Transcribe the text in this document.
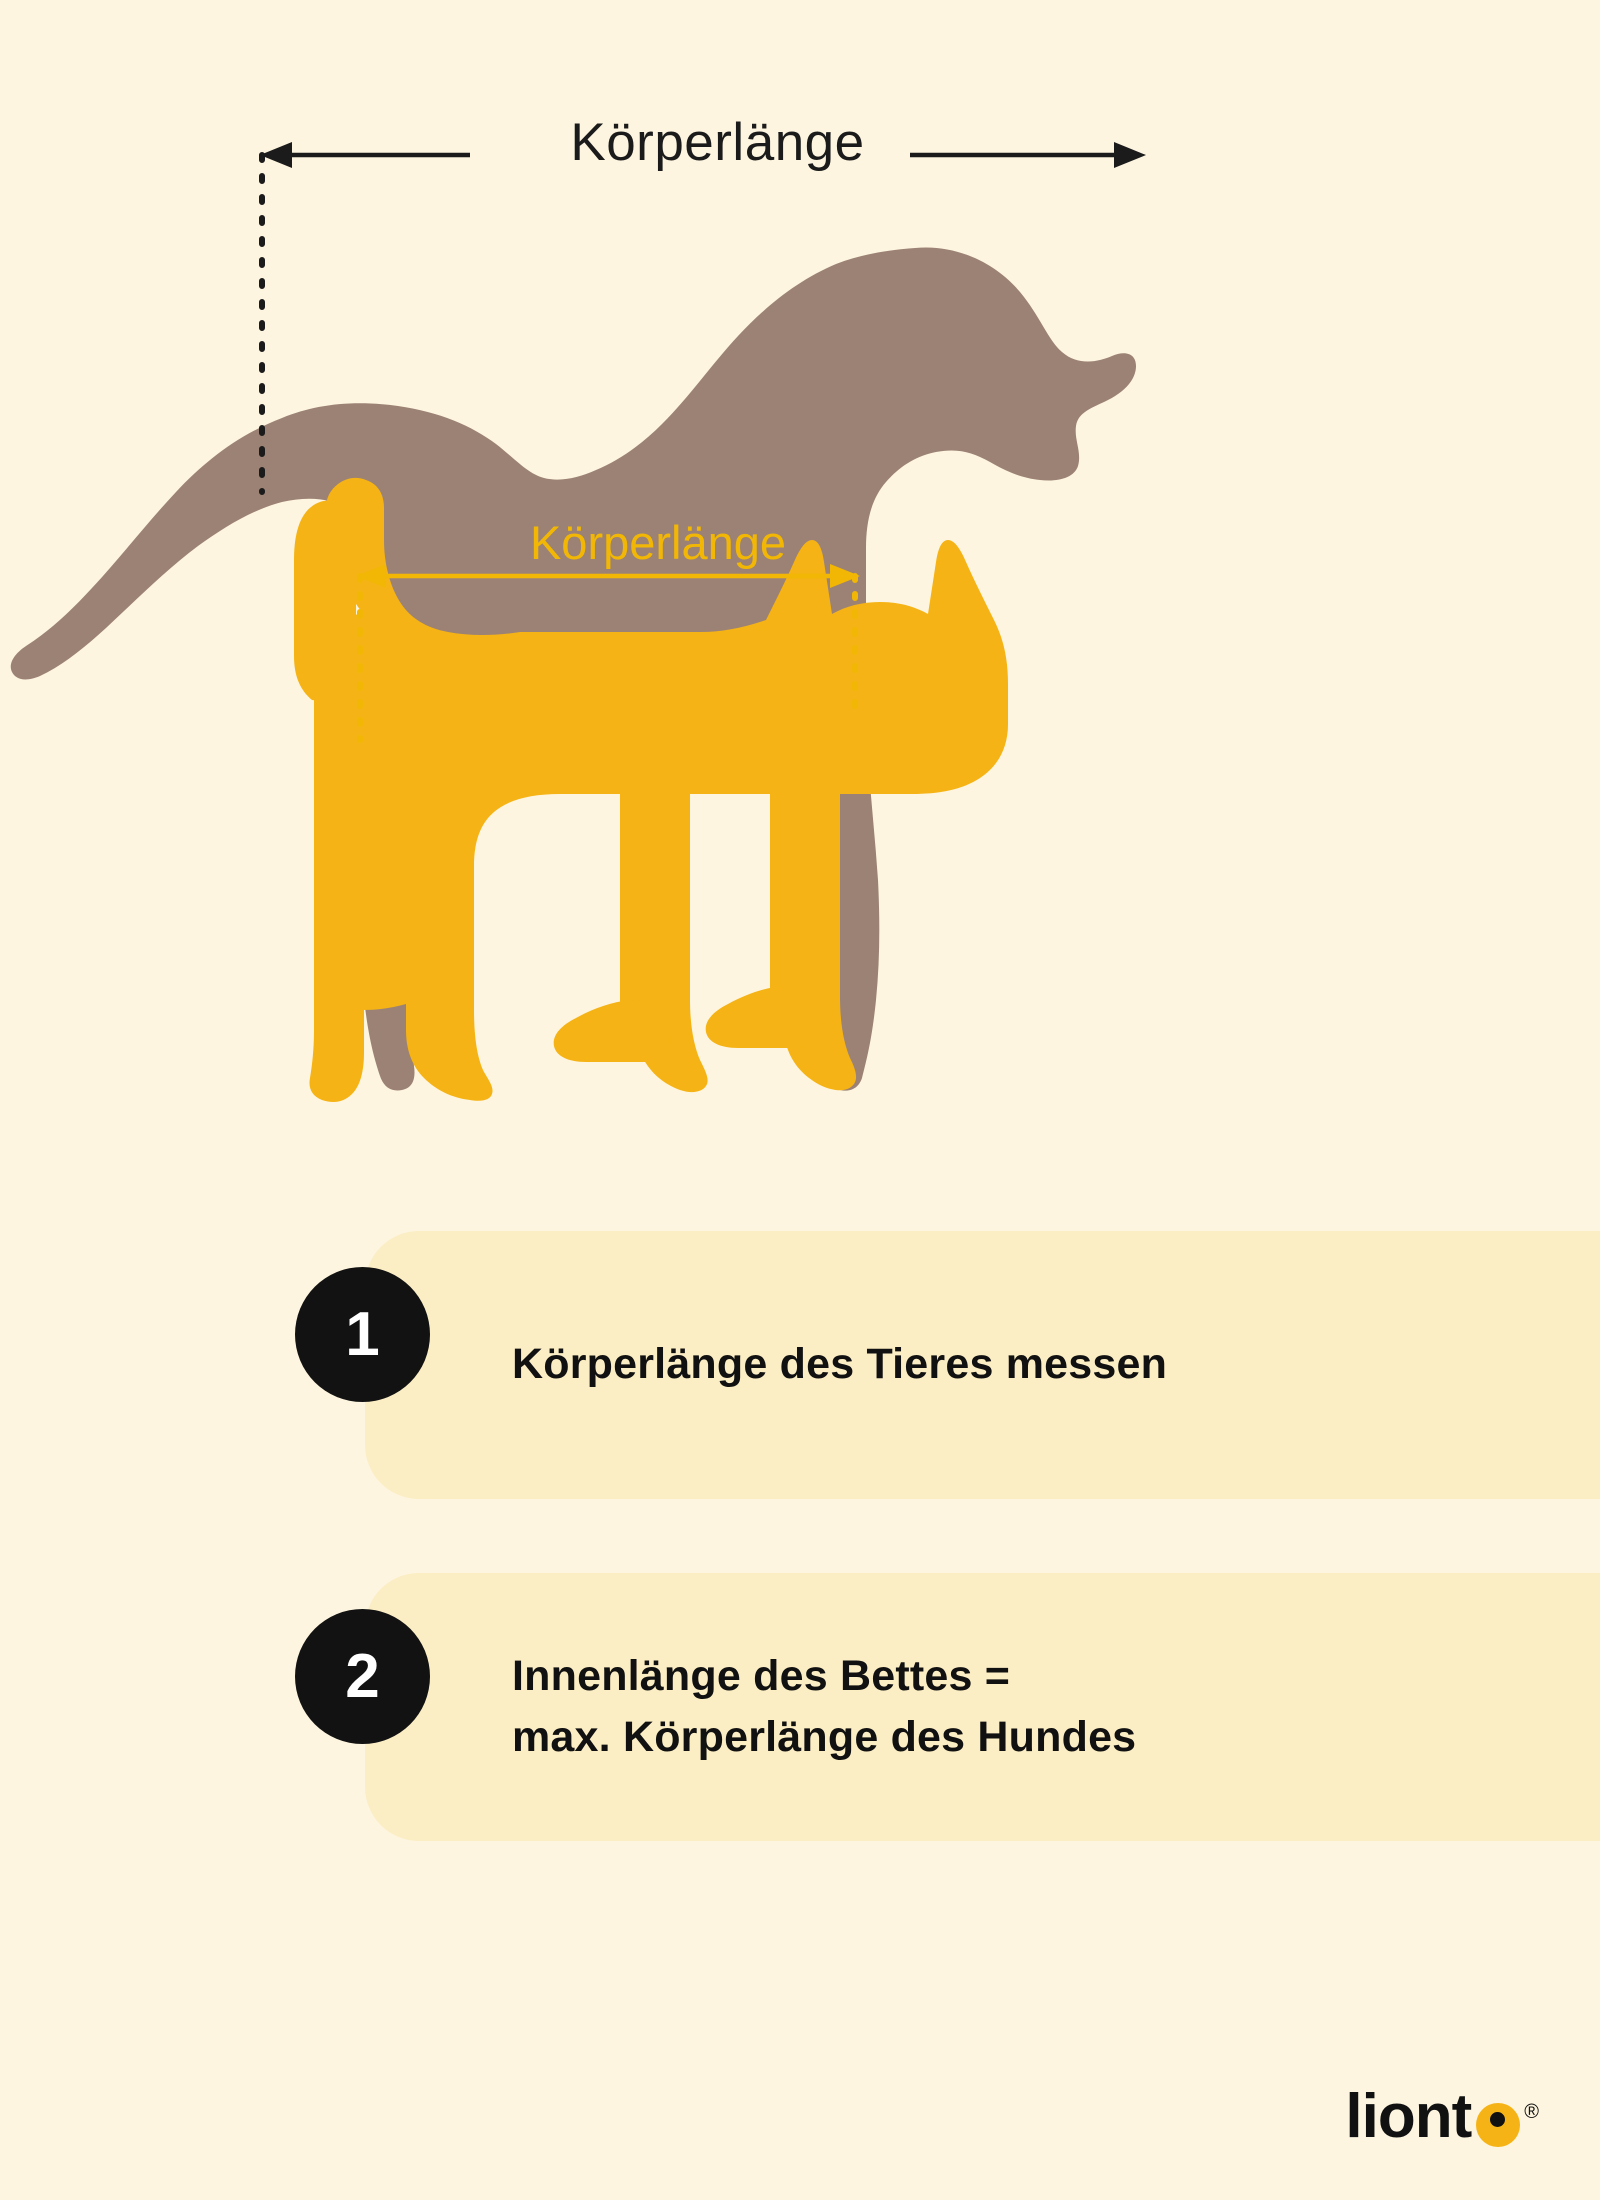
Körperlänge
Körperlänge
1	Körperlänge des Tieres messen
2	Innenlänge des Bettes =
max. Körperlänge des Hundes
liont	®
